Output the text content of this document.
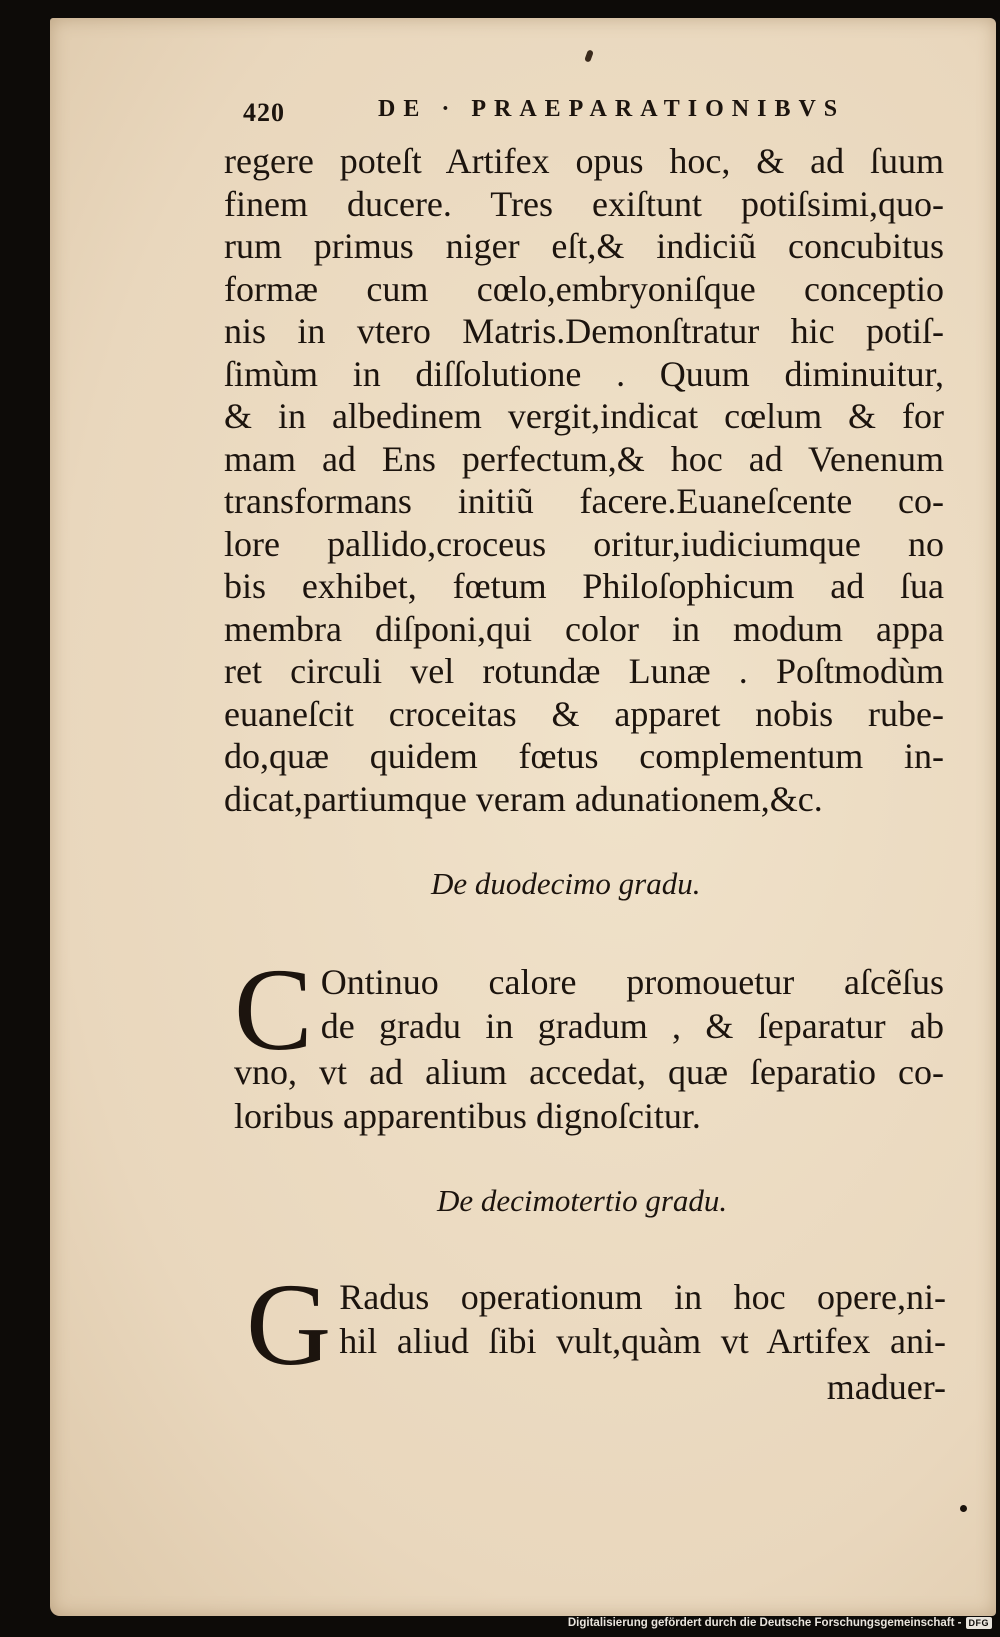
420	DE · PRAEPARATIONIBVS
regere poteſt Artifex opus hoc, & ad ſuum
finem ducere. Tres exiſtunt potiſsimi,quo-
rum primus niger eſt,& indiciũ concubitus
formæ cum cœlo,embryoniſque conceptio
nis in vtero Matris.Demonſtratur hic potiſ-
ſimùm in diſſolutione . Quum diminuitur,
& in albedinem vergit,indicat cœlum & for
mam ad Ens perfectum,& hoc ad Venenum
transformans initiũ facere.Euaneſcente co-
lore pallido,croceus oritur,iudiciumque no
bis exhibet, fœtum Philoſophicum ad ſua
membra diſponi,qui color in modum appa
ret circuli vel rotundæ Lunæ . Poſtmodùm
euaneſcit croceitas & apparet nobis rube-
do,quæ quidem fœtus complementum in-
dicat,partiumque veram adunationem,&c.
De duodecimo gradu.
C Ontinuo calore promouetur aſcẽſus
de gradu in gradum , & ſeparatur ab
vno, vt ad alium accedat, quæ ſeparatio co-
loribus apparentibus dignoſcitur.
De decimotertio gradu.
G Radus operationum in hoc opere,ni-
hil aliud ſibi vult,quàm vt Artifex ani-
maduer-
Digitalisierung gefördert durch die Deutsche Forschungsgemeinschaft - DFG
